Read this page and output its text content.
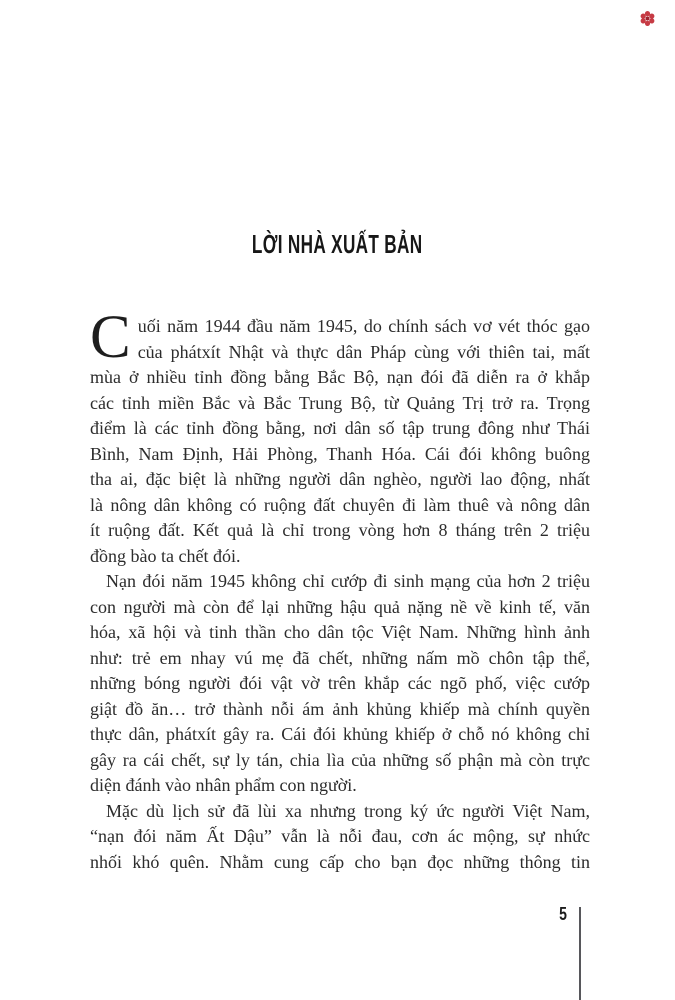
LỜI NHÀ XUẤT BẢN
C uối năm 1944 đầu năm 1945, do chính sách vơ vét thóc gạo
của phátxít Nhật và thực dân Pháp cùng với thiên tai, mất
mùa ở nhiều tỉnh đồng bằng Bắc Bộ, nạn đói đã diễn ra ở khắp
các tỉnh miền Bắc và Bắc Trung Bộ, từ Quảng Trị trở ra. Trọng
điểm là các tỉnh đồng bằng, nơi dân số tập trung đông như Thái
Bình, Nam Định, Hải Phòng, Thanh Hóa. Cái đói không buông
tha ai, đặc biệt là những người dân nghèo, người lao động, nhất
là nông dân không có ruộng đất chuyên đi làm thuê và nông dân
ít ruộng đất. Kết quả là chỉ trong vòng hơn 8 tháng trên 2 triệu
đồng bào ta chết đói.
Nạn đói năm 1945 không chỉ cướp đi sinh mạng của hơn 2 triệu
con người mà còn để lại những hậu quả nặng nề về kinh tế, văn
hóa, xã hội và tinh thần cho dân tộc Việt Nam. Những hình ảnh
như: trẻ em nhay vú mẹ đã chết, những nấm mồ chôn tập thể,
những bóng người đói vật vờ trên khắp các ngõ phố, việc cướp
giật đồ ăn… trở thành nỗi ám ảnh khủng khiếp mà chính quyền
thực dân, phátxít gây ra. Cái đói khủng khiếp ở chỗ nó không chỉ
gây ra cái chết, sự ly tán, chia lìa của những số phận mà còn trực
diện đánh vào nhân phẩm con người.
Mặc dù lịch sử đã lùi xa nhưng trong ký ức người Việt Nam,
“nạn đói năm Ất Dậu” vẫn là nỗi đau, cơn ác mộng, sự nhức
nhối khó quên. Nhằm cung cấp cho bạn đọc những thông tin
5
